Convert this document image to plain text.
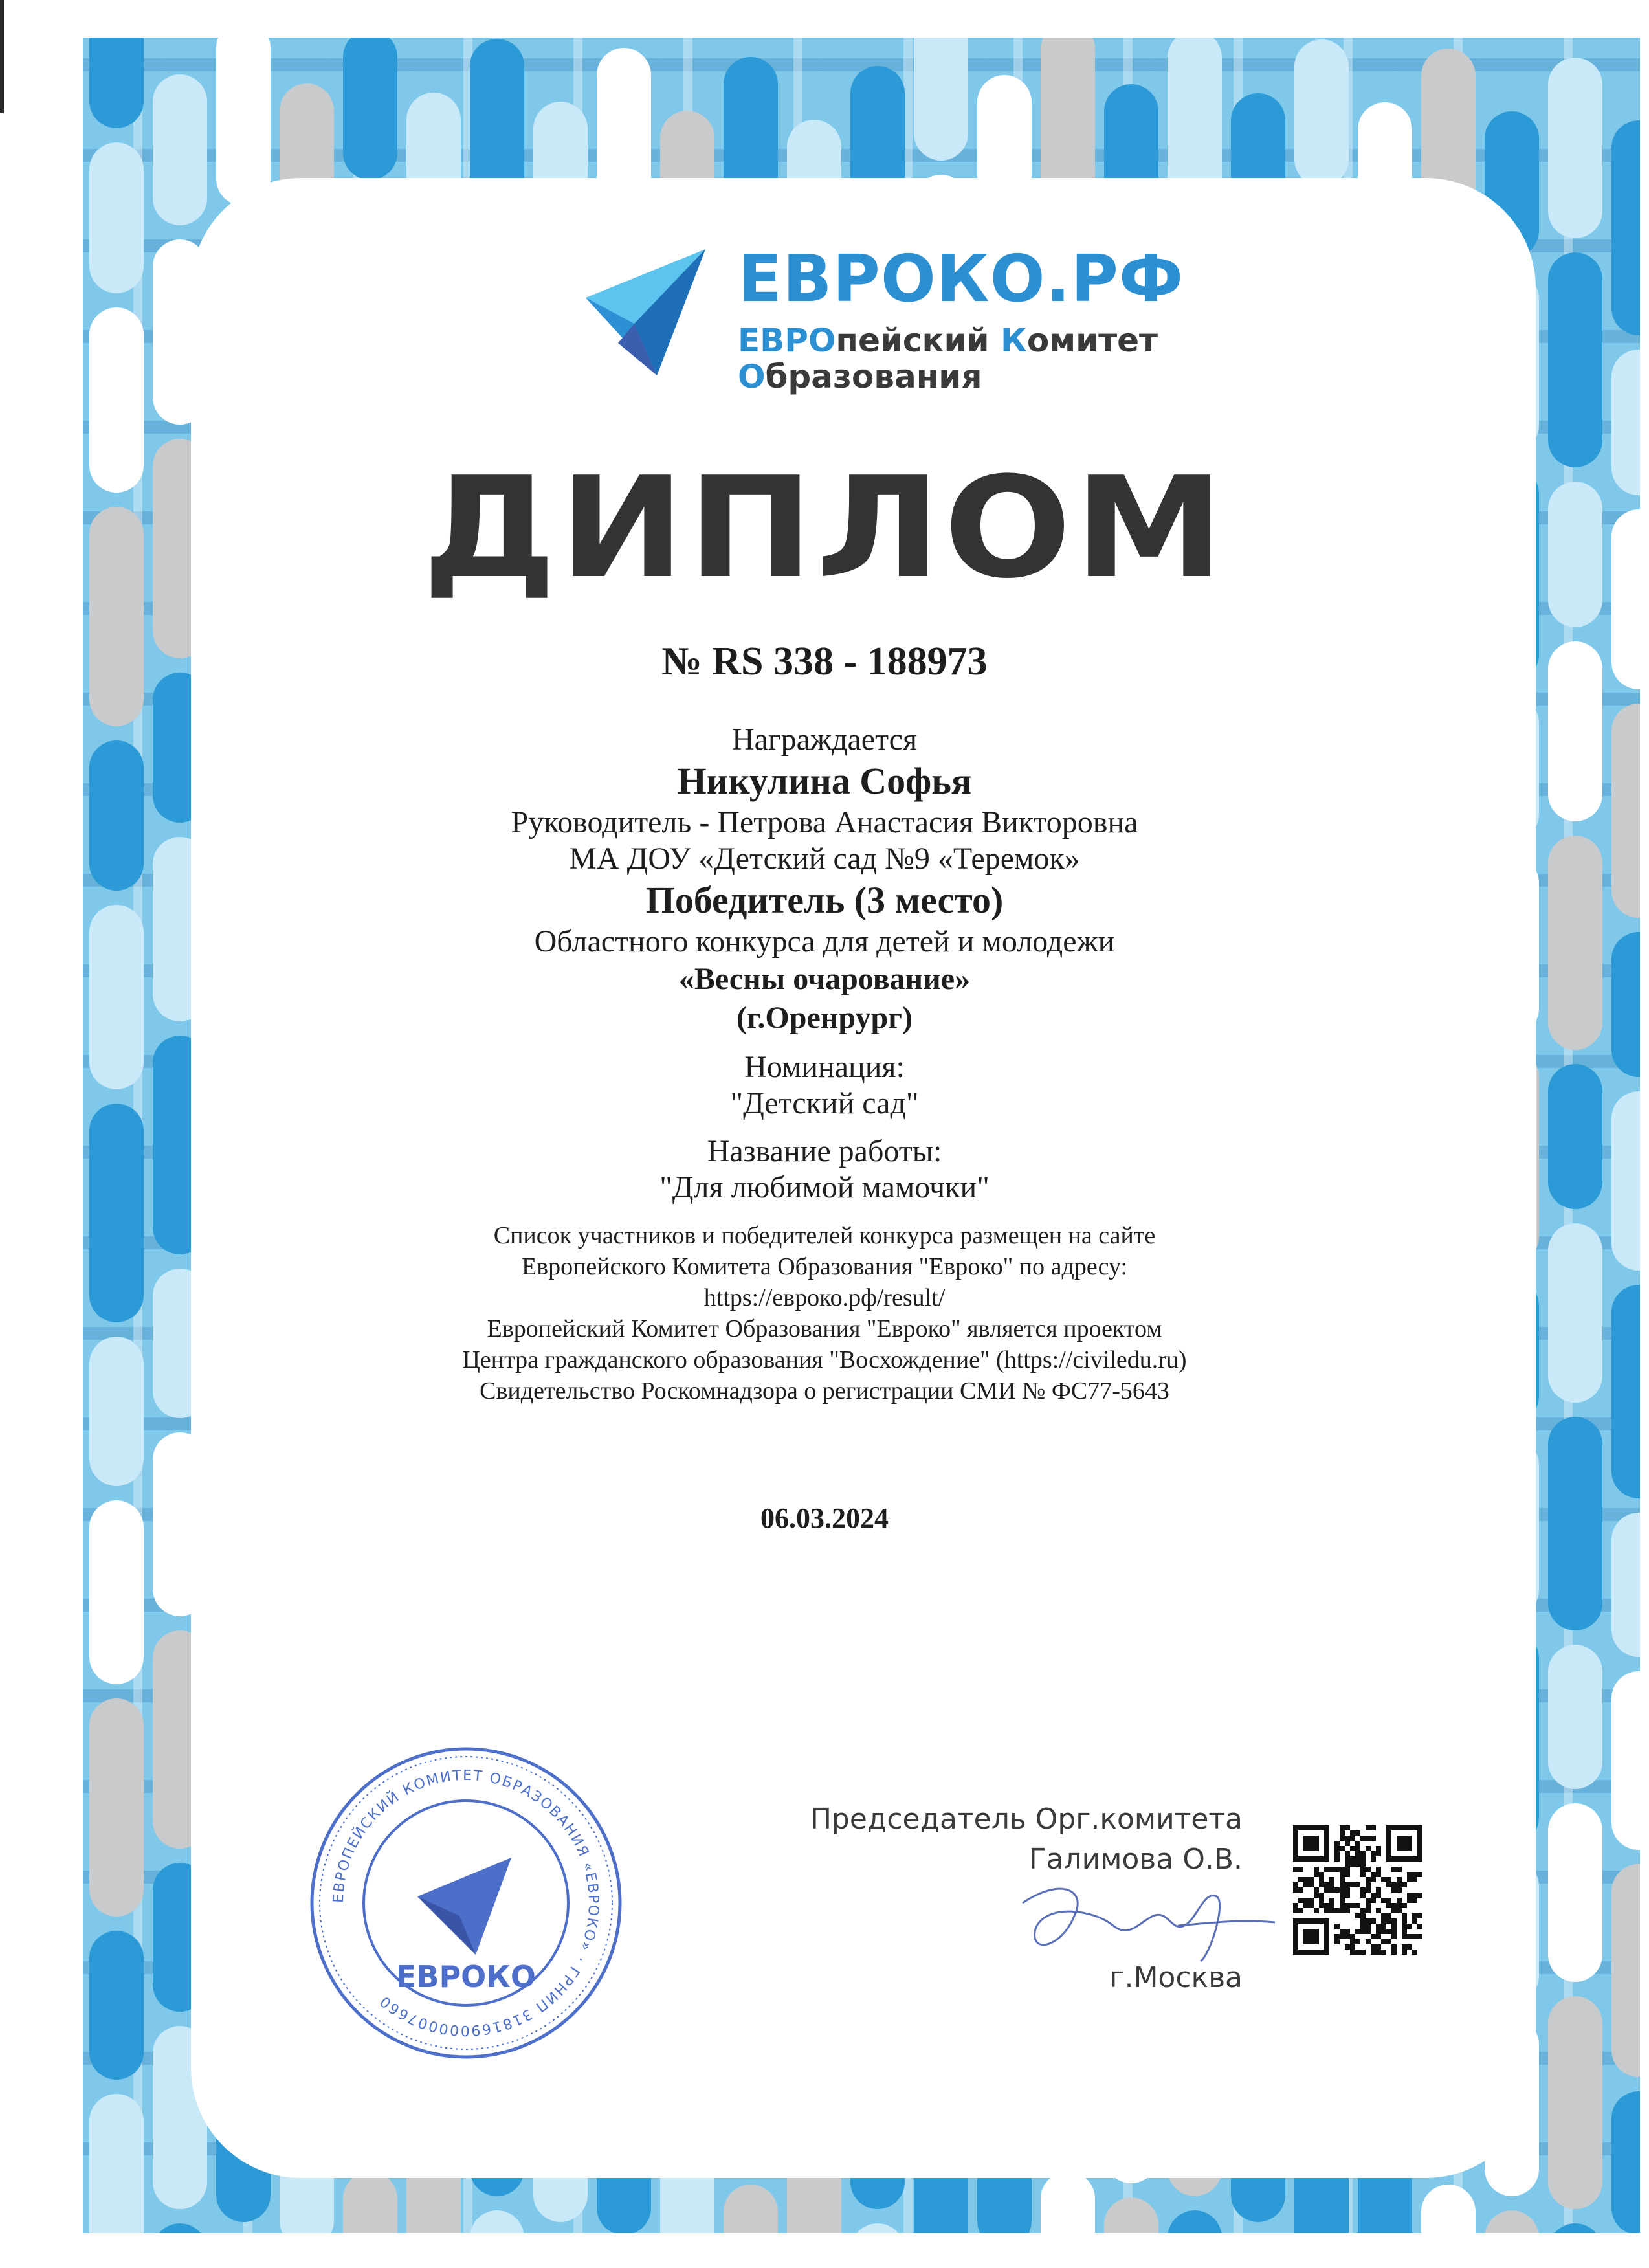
ЕВРОКО.РФ
ЕВРОпейский Комитет
Образования
ДИПЛОМ
№ RS 338 - 188973
Награждается
Никулина Софья
Руководитель - Петрова Анастасия Викторовна
МА ДОУ «Детский сад №9 «Теремок»
Победитель (3 место)
Областного конкурса для детей и молодежи
«Весны очарование»
(г.Оренрург)
Номинация:
"Детский сад"
Название работы:
"Для любимой мамочки"
Список участников и победителей конкурса размещен на сайте
Европейского Комитета Образования "Евроко" по адресу:
https://евроко.рф/result/
Европейский Комитет Образования "Евроко" является проектом
Центра гражданского образования "Восхождение" (https://civiledu.ru)
Свидетельство Роскомнадзора о регистрации СМИ № ФС77-5643
06.03.2024
ЕВРОПЕЙСКИЙ КОМИТЕТ ОБРАЗОВАНИЯ «ЕВРОКО» · ГРНИП 318169000007660
ЕВРОКО
Председатель Орг.комитета
Галимова О.В.
г.Москва
